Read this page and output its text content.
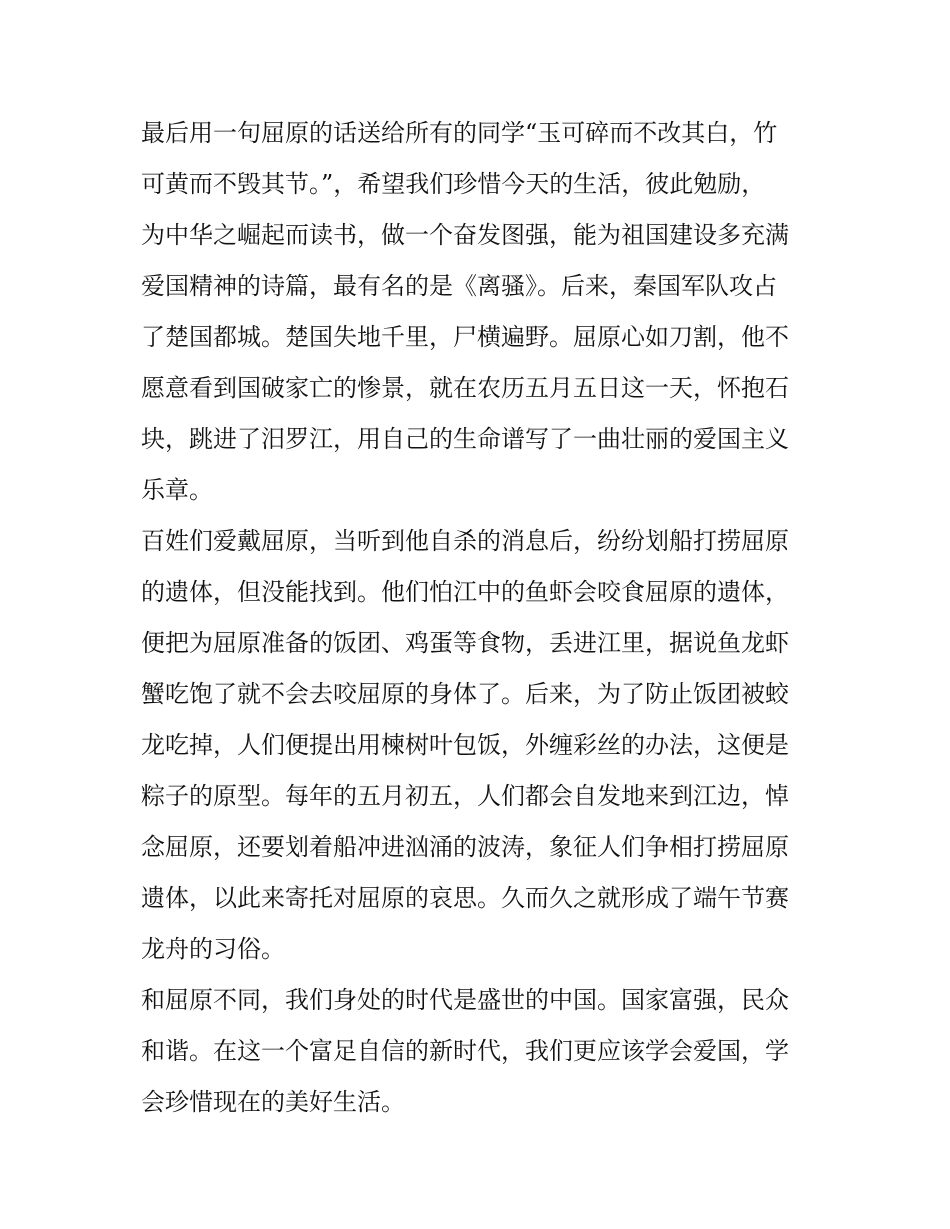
最后用一句屈原的话送给所有的同学“玉可碎而不改其白，竹
可黄而不毁其节。”，希望我们珍惜今天的生活，彼此勉励，
为中华之崛起而读书，做一个奋发图强，能为祖国建设多充满
爱国精神的诗篇，最有名的是《离骚》。后来，秦国军队攻占
了楚国都城。楚国失地千里，尸横遍野。屈原心如刀割，他不
愿意看到国破家亡的惨景，就在农历五月五日这一天，怀抱石
块，跳进了汨罗江，用自己的生命谱写了一曲壮丽的爱国主义
乐章。
百姓们爱戴屈原，当听到他自杀的消息后，纷纷划船打捞屈原
的遗体，但没能找到。他们怕江中的鱼虾会咬食屈原的遗体，
便把为屈原准备的饭团、鸡蛋等食物，丢进江里，据说鱼龙虾
蟹吃饱了就不会去咬屈原的身体了。后来，为了防止饭团被蛟
龙吃掉，人们便提出用楝树叶包饭，外缠彩丝的办法，这便是
粽子的原型。每年的五月初五，人们都会自发地来到江边，悼
念屈原，还要划着船冲进汹涌的波涛，象征人们争相打捞屈原
遗体，以此来寄托对屈原的哀思。久而久之就形成了端午节赛
龙舟的习俗。
和屈原不同，我们身处的时代是盛世的中国。国家富强，民众
和谐。在这一个富足自信的新时代，我们更应该学会爱国，学
会珍惜现在的美好生活。
